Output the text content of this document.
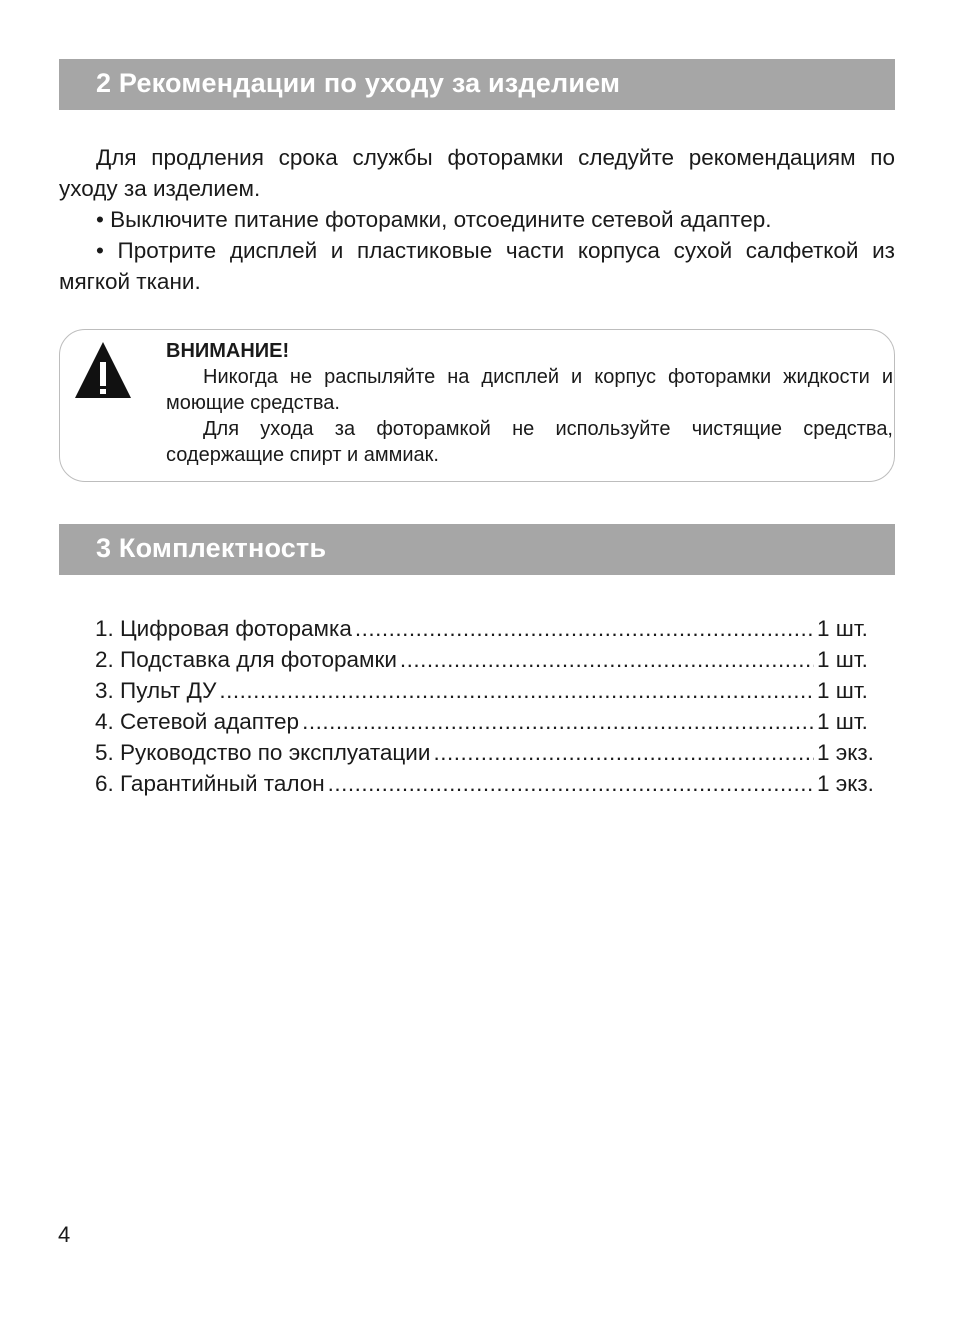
2 Рекомендации по уходу за изделием

Для продления срока службы фоторамки следуйте рекомендациям по уходу за изделием.

• Выключите питание фоторамки, отсоедините сетевой адаптер.

• Протрите дисплей и пластиковые части корпуса сухой салфеткой из мягкой ткани.

ВНИМАНИЕ!

Никогда не распыляйте на дисплей и корпус фоторамки жидкости и моющие средства.

Для ухода за фоторамкой не используйте чистящие средства, содержащие спирт и аммиак.

3 Комплектность
1. Цифровая фоторамка .....	1 шт.
2. Подставка для фоторамки .....	1 шт.
3. Пульт ДУ .....	1 шт.
4. Сетевой адаптер .....	1 шт.
5. Руководство по эксплуатации .....	1 экз.
6. Гарантийный талон .....	1 экз.
4
